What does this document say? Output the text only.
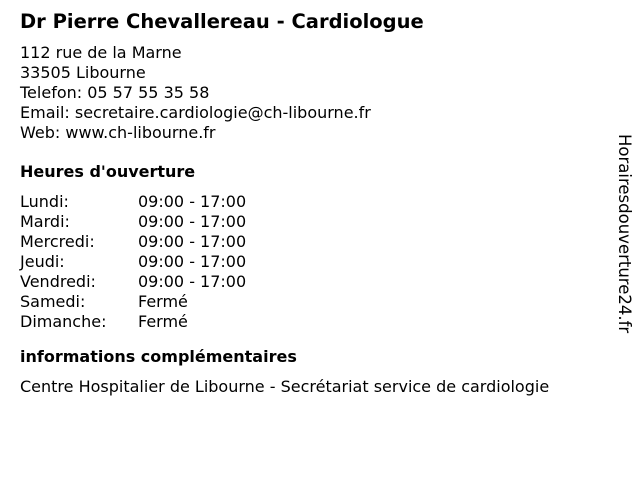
Dr Pierre Chevallereau - Cardiologue
112 rue de la Marne
33505 Libourne
Telefon: 05 57 55 35 58
Email: secretaire.cardiologie@ch-libourne.fr
Web: www.ch-libourne.fr
Heures d'ouverture
Lundi:	09:00 - 17:00
Mardi:	09:00 - 17:00
Mercredi:	09:00 - 17:00
Jeudi:	09:00 - 17:00
Vendredi:	09:00 - 17:00
Samedi:	Fermé
Dimanche:	Fermé
informations complémentaires
Centre Hospitalier de Libourne - Secrétariat service de cardiologie
Horairesdouverture24.fr
